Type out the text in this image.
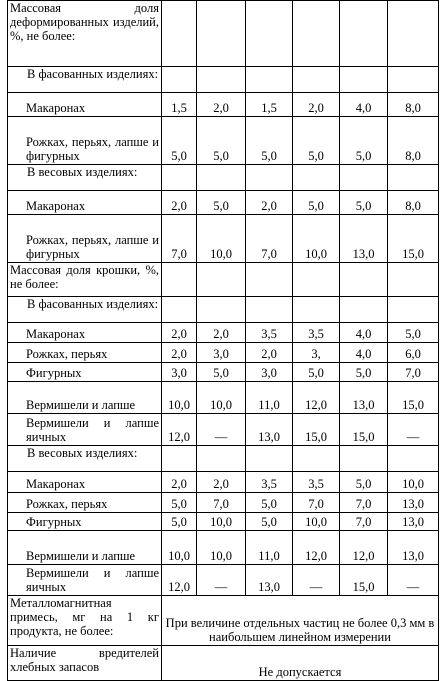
Массовая доля деформированных изделий, %, не более:						
В фасованных изделиях:						
Макаронах	1,5	2,0	1,5	2,0	4,0	8,0
Рожках, перьях, лапше и фигурных	5,0	5,0	5,0	5,0	5,0	8,0
В весовых изделиях:						
Макаронах	2,0	5,0	2,0	5,0	5,0	8,0
Рожках, перьях, лапше и фигурных	7,0	10,0	7,0	10,0	13,0	15,0
Массовая доля крошки, %, не более:						
В фасованных изделиях:						
Макаронах	2,0	2,0	3,5	3,5	4,0	5,0
Рожках, перьях	2,0	3,0	2,0	3,	4,0	6,0
Фигурных	3,0	5,0	3,0	5,0	5,0	7,0
Вермишели и лапше	10,0	10,0	11,0	12,0	13,0	15,0
Вермишели и лапше яичных	12,0	—	13,0	15,0	15,0	—
В весовых изделиях:						
Макаронах	2,0	2,0	3,5	3,5	5,0	10,0
Рожках, перьях	5,0	7,0	5,0	7,0	7,0	13,0
Фигурных	5,0	10,0	5,0	10,0	7,0	13,0
Вермишели и лапше	10,0	10,0	11,0	12,0	12,0	13,0
Вермишели и лапше яичных	12,0	—	13,0	—	15,0	—
Металломагнитная примесь, мг на 1 кг продукта, не более:	При величине отдельных частиц не более 0,3 мм в наибольшем линейном измерении					
Наличие вредителей хлебных запасов	Не допускается					
